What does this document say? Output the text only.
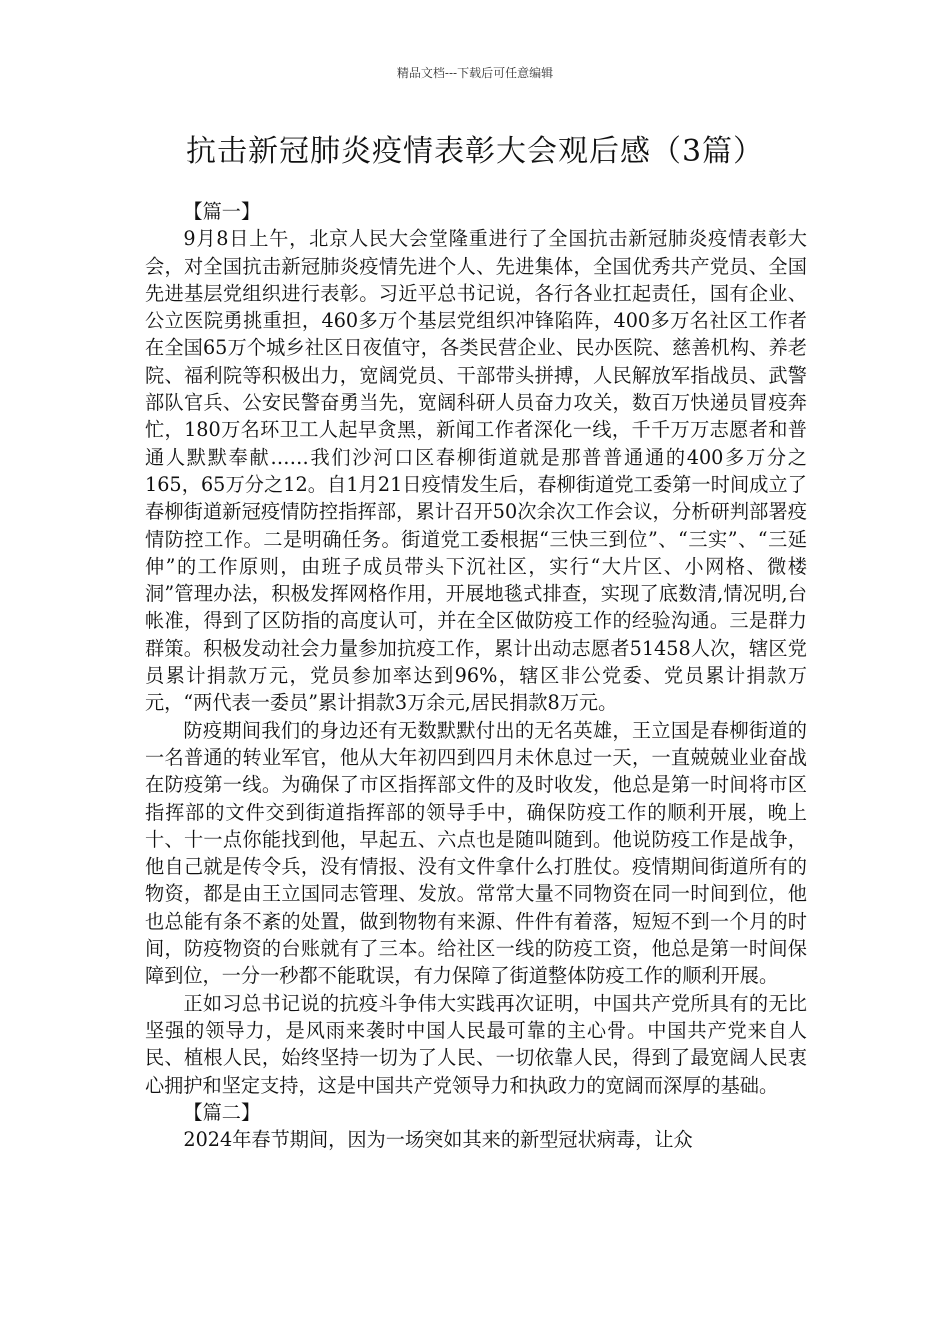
精品文档---下载后可任意编辑
抗击新冠肺炎疫情表彰大会观后感（3篇）

【篇一】

9月8日上午，北京人民大会堂隆重进行了全国抗击新冠肺炎疫情表彰大会，对全国抗击新冠肺炎疫情先进个人、先进集体，全国优秀共产党员、全国先进基层党组织进行表彰。习近平总书记说，各行各业扛起责任，国有企业、公立医院勇挑重担，460多万个基层党组织冲锋陷阵，400多万名社区工作者在全国65万个城乡社区日夜值守，各类民营企业、民办医院、慈善机构、养老院、福利院等积极出力，宽阔党员、干部带头拼搏，人民解放军指战员、武警部队官兵、公安民警奋勇当先，宽阔科研人员奋力攻关，数百万快递员冒疫奔忙，180万名环卫工人起早贪黑，新闻工作者深化一线，千千万万志愿者和普通人默默奉献……我们沙河口区春柳街道就是那普普通通的400多万分之165，65万分之12。自1月21日疫情发生后，春柳街道党工委第一时间成立了春柳街道新冠疫情防控指挥部，累计召开50次余次工作会议，分析研判部署疫情防控工作。二是明确任务。街道党工委根据“三快三到位”、“三实”、“三延伸”的工作原则，由班子成员带头下沉社区，实行“大片区、小网格、微楼洞”管理办法，积极发挥网格作用，开展地毯式排查，实现了底数清,情况明,台帐准，得到了区防指的高度认可，并在全区做防疫工作的经验沟通。三是群力群策。积极发动社会力量参加抗疫工作，累计出动志愿者51458人次，辖区党员累计捐款万元，党员参加率达到96%，辖区非公党委、党员累计捐款万元，“两代表一委员”累计捐款3万余元,居民捐款8万元。

防疫期间我们的身边还有无数默默付出的无名英雄，王立国是春柳街道的一名普通的转业军官，他从大年初四到四月未休息过一天，一直兢兢业业奋战在防疫第一线。为确保了市区指挥部文件的及时收发，他总是第一时间将市区指挥部的文件交到街道指挥部的领导手中，确保防疫工作的顺利开展，晚上十、十一点你能找到他，早起五、六点也是随叫随到。他说防疫工作是战争，他自己就是传令兵，没有情报、没有文件拿什么打胜仗。疫情期间街道所有的物资，都是由王立国同志管理、发放。常常大量不同物资在同一时间到位，他也总能有条不紊的处置，做到物物有来源、件件有着落，短短不到一个月的时间，防疫物资的台账就有了三本。给社区一线的防疫工资，他总是第一时间保障到位，一分一秒都不能耽误，有力保障了街道整体防疫工作的顺利开展。

正如习总书记说的抗疫斗争伟大实践再次证明，中国共产党所具有的无比坚强的领导力，是风雨来袭时中国人民最可靠的主心骨。中国共产党来自人民、植根人民，始终坚持一切为了人民、一切依靠人民，得到了最宽阔人民衷心拥护和坚定支持，这是中国共产党领导力和执政力的宽阔而深厚的基础。

【篇二】

2024年春节期间，因为一场突如其来的新型冠状病毒，让众
